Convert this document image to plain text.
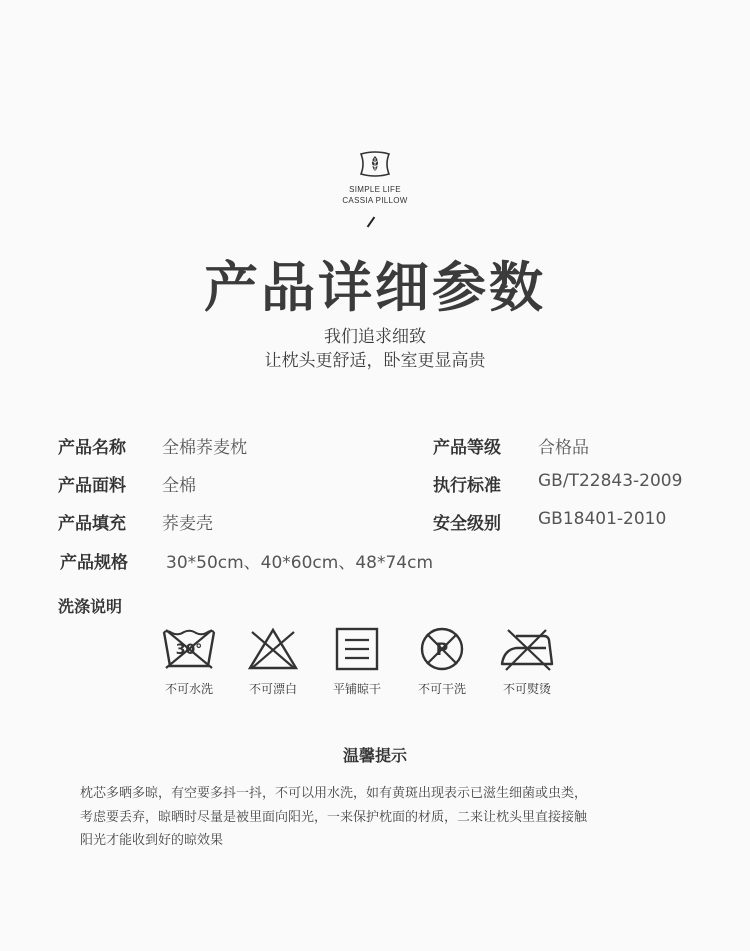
SIMPLE LIFE
CASSIA PILLOW
产品详细参数
我们追求细致
让枕头更舒适，卧室更显高贵
产品名称 全棉荞麦枕	产品等级 合格品
产品面料 全棉	执行标准 GB/T22843-2009
产品填充 荞麦壳	安全级别 GB18401-2010
产品规格 30*50cm、40*60cm、48*74cm
洗涤说明
30°
不可水洗	不可漂白	平铺晾干
P
不可干洗	不可熨烫
温馨提示
枕芯多晒多晾，有空要多抖一抖，不可以用水洗，如有黄斑出现表示已滋生细菌或虫类，
考虑要丢弃，晾晒时尽量是被里面向阳光，一来保护枕面的材质，二来让枕头里直接接触
阳光才能收到好的晾效果
